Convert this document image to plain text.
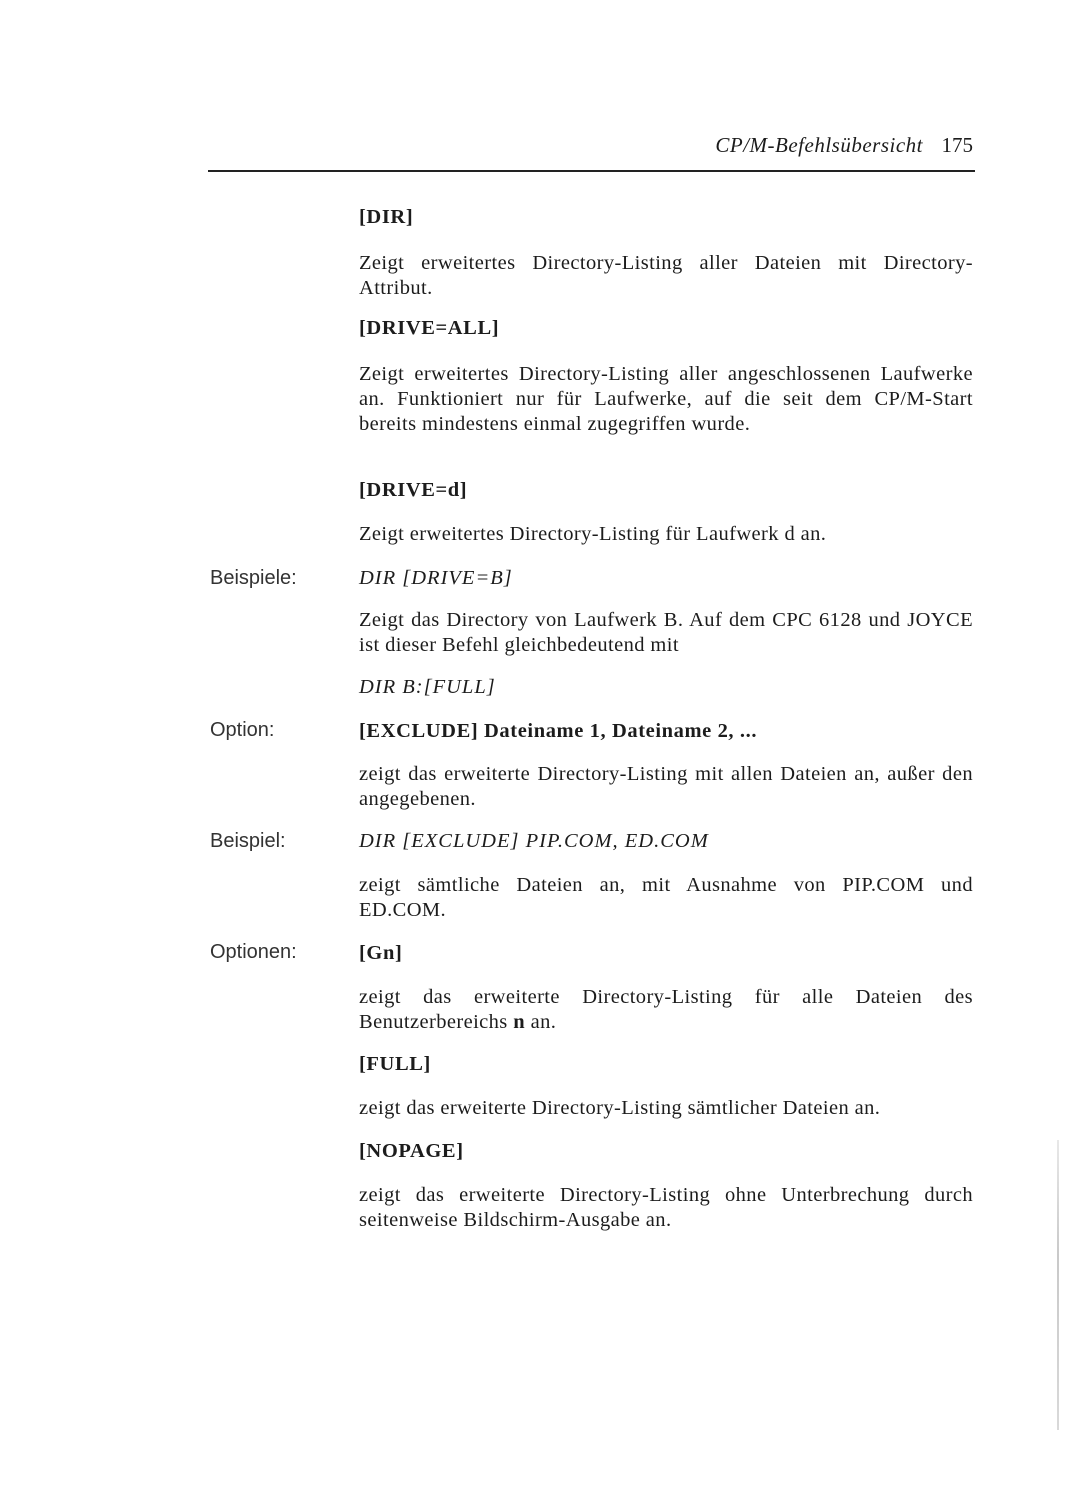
CP/M-Befehlsübersicht 175
[DIR]
Zeigt erweitertes Directory-Listing aller Dateien mit Directory-Attribut.
[DRIVE=ALL]
Zeigt erweitertes Directory-Listing aller angeschlossenen Laufwerke an. Funktioniert nur für Laufwerke, auf die seit dem CP/M-Start bereits mindestens einmal zugegriffen wurde.
[DRIVE=d]
Zeigt erweitertes Directory-Listing für Laufwerk d an.
Beispiele:	DIR [DRIVE=B]
Zeigt das Directory von Laufwerk B. Auf dem CPC 6128 und JOYCE ist dieser Befehl gleichbedeutend mit
DIR B:[FULL]
Option:	[EXCLUDE] Dateiname 1, Dateiname 2, ...
zeigt das erweiterte Directory-Listing mit allen Dateien an, außer den angegebenen.
Beispiel:	DIR [EXCLUDE] PIP.COM, ED.COM
zeigt sämtliche Dateien an, mit Ausnahme von PIP.COM und ED.COM.
Optionen:	[Gn]
zeigt das erweiterte Directory-Listing für alle Dateien des Benutzerbereichs n an.
[FULL]
zeigt das erweiterte Directory-Listing sämtlicher Dateien an.
[NOPAGE]
zeigt das erweiterte Directory-Listing ohne Unterbrechung durch seitenweise Bildschirm-Ausgabe an.
